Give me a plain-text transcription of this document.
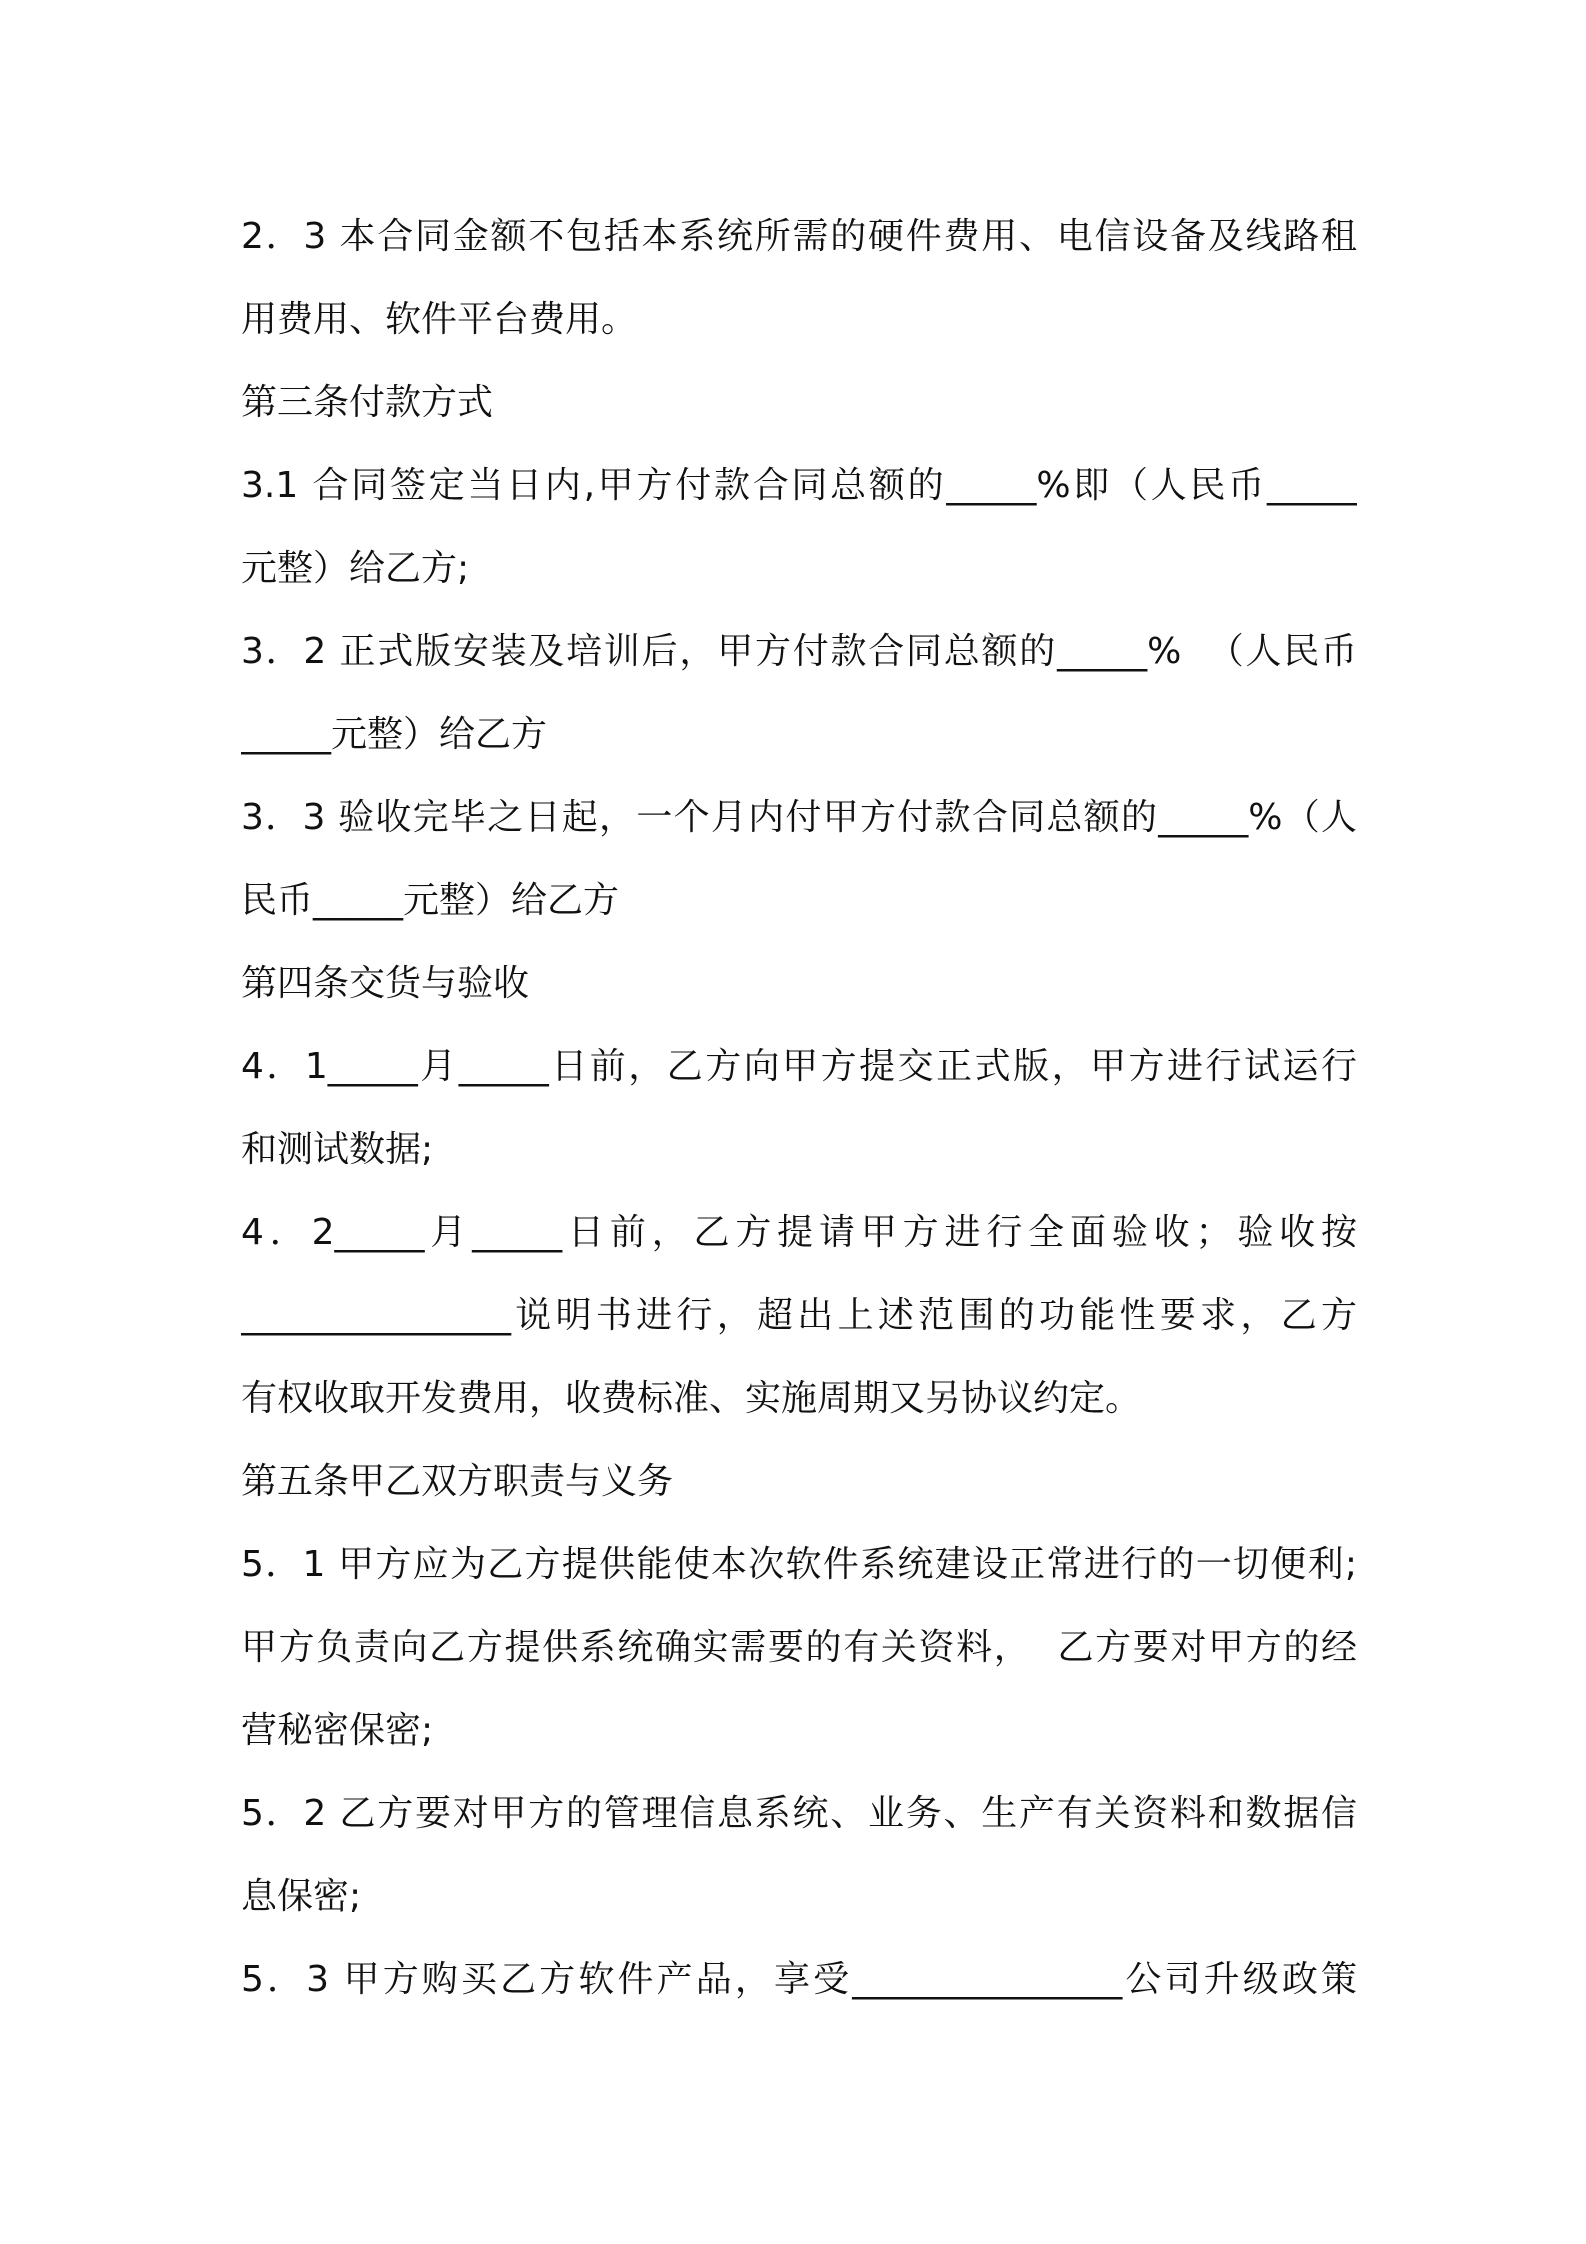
2．3 本合同金额不包括本系统所需的硬件费用、电信设备及线路租
用费用、软件平台费用。
第三条付款方式
3.1 合同签定当日内,甲方付款合同总额的_____%即（人民币_____
元整）给乙方;
3．2 正式版安装及培训后，甲方付款合同总额的_____%  （人民币
_____元整）给乙方
3．3 验收完毕之日起，一个月内付甲方付款合同总额的_____%（人
民币_____元整）给乙方
第四条交货与验收
4．1_____月_____日前，乙方向甲方提交正式版，甲方进行试运行
和测试数据;
4．2_____月_____日前，乙方提请甲方进行全面验收；验收按
_______________说明书进行，超出上述范围的功能性要求，乙方
有权收取开发费用，收费标准、实施周期又另协议约定。
第五条甲乙双方职责与义务
5．1 甲方应为乙方提供能使本次软件系统建设正常进行的一切便利;
甲方负责向乙方提供系统确实需要的有关资料，  乙方要对甲方的经
营秘密保密;
5．2 乙方要对甲方的管理信息系统、业务、生产有关资料和数据信
息保密;
5．3 甲方购买乙方软件产品，享受_______________公司升级政策
